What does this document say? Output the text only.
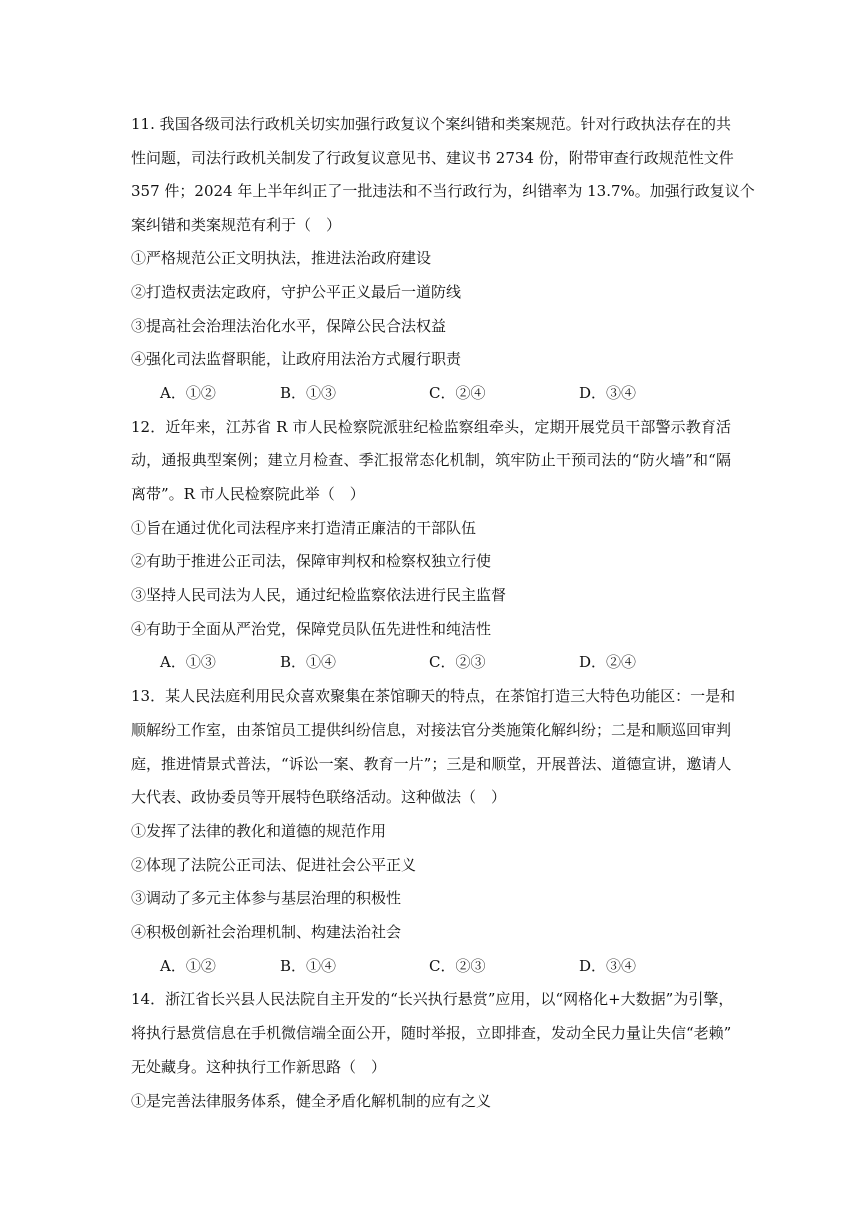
11. 我国各级司法行政机关切实加强行政复议个案纠错和类案规范。针对行政执法存在的共
性问题，司法行政机关制发了行政复议意见书、建议书 2734 份，附带审查行政规范性文件
357 件；2024 年上半年纠正了一批违法和不当行政行为，纠错率为 13.7%。加强行政复议个
案纠错和类案规范有利于（　）
①严格规范公正文明执法，推进法治政府建设
②打造权责法定政府，守护公平正义最后一道防线
③提高社会治理法治化水平，保障公民合法权益
④强化司法监督职能，让政府用法治方式履行职责
A．①②	B．①③	C．②④	D．③④
12．近年来，江苏省 R 市人民检察院派驻纪检监察组牵头，定期开展党员干部警示教育活
动，通报典型案例；建立月检查、季汇报常态化机制，筑牢防止干预司法的“防火墙”和“隔
离带”。R 市人民检察院此举（　）
①旨在通过优化司法程序来打造清正廉洁的干部队伍
②有助于推进公正司法，保障审判权和检察权独立行使
③坚持人民司法为人民，通过纪检监察依法进行民主监督
④有助于全面从严治党，保障党员队伍先进性和纯洁性
A．①③	B．①④	C．②③	D．②④
13．某人民法庭利用民众喜欢聚集在茶馆聊天的特点，在茶馆打造三大特色功能区：一是和
顺解纷工作室，由茶馆员工提供纠纷信息，对接法官分类施策化解纠纷；二是和顺巡回审判
庭，推进情景式普法，“诉讼一案、教育一片”；三是和顺堂，开展普法、道德宣讲，邀请人
大代表、政协委员等开展特色联络活动。这种做法（　）
①发挥了法律的教化和道德的规范作用
②体现了法院公正司法、促进社会公平正义
③调动了多元主体参与基层治理的积极性
④积极创新社会治理机制、构建法治社会
A．①②	B．①④	C．②③	D．③④
14．浙江省长兴县人民法院自主开发的“长兴执行悬赏”应用，以“网格化+大数据”为引擎，
将执行悬赏信息在手机微信端全面公开，随时举报，立即排查，发动全民力量让失信“老赖”
无处藏身。这种执行工作新思路（　）
①是完善法律服务体系，健全矛盾化解机制的应有之义
